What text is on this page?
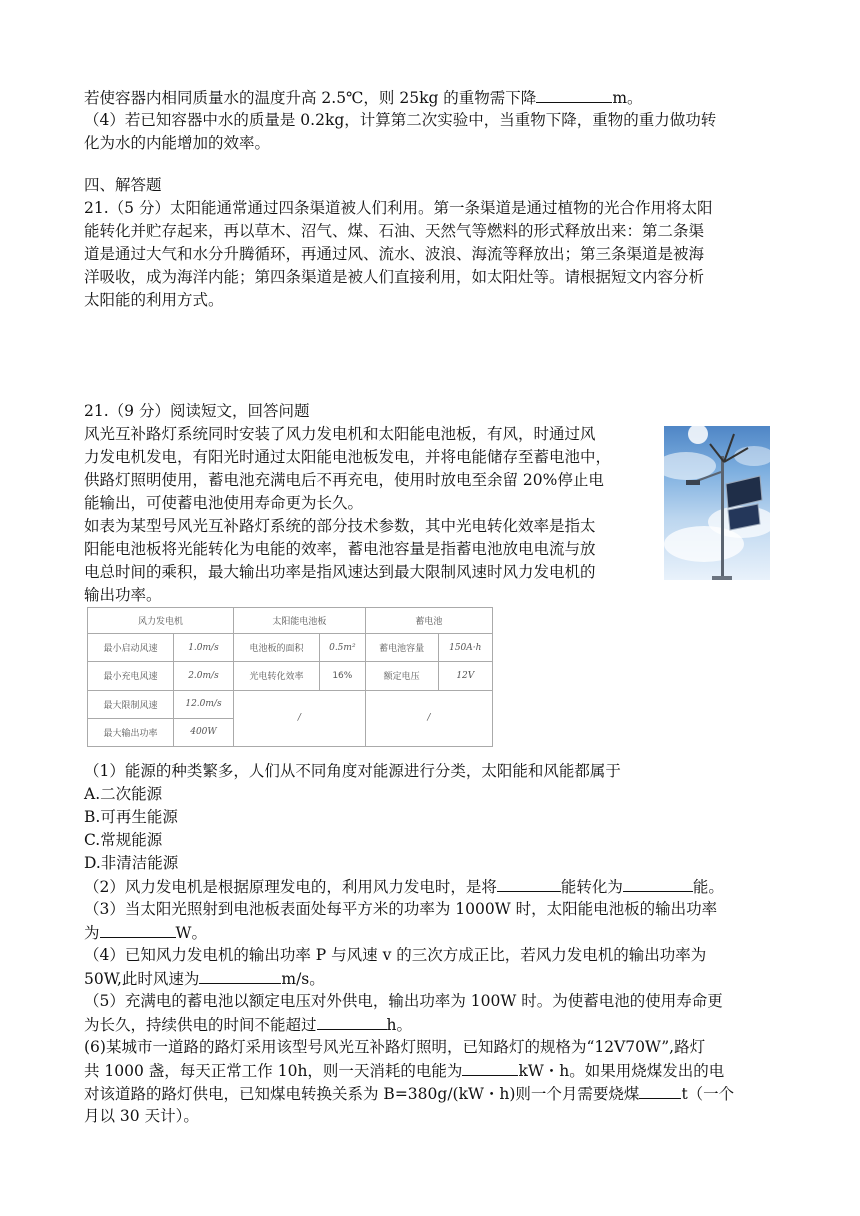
若使容器内相同质量水的温度升高 2.5℃，则 25kg 的重物需下降	m。
（4）若已知容器中水的质量是 0.2kg，计算第二次实验中，当重物下降，重物的重力做功转
化为水的内能增加的效率。
四、解答题
21.（5 分）太阳能通常通过四条渠道被人们利用。第一条渠道是通过植物的光合作用将太阳
能转化并贮存起来，再以草木、沼气、煤、石油、天然气等燃料的形式释放出来：第二条渠
道是通过大气和水分升腾循环，再通过风、流水、波浪、海流等释放出；第三条渠道是被海
洋吸收，成为海洋内能；第四条渠道是被人们直接利用，如太阳灶等。请根据短文内容分析
太阳能的利用方式。
21.（9 分）阅读短文，回答问题
风光互补路灯系统同时安装了风力发电机和太阳能电池板，有风，时通过风
力发电机发电，有阳光时通过太阳能电池板发电，并将电能储存至蓄电池中，
供路灯照明使用，蓄电池充满电后不再充电，使用时放电至余留 20%停止电
能输出，可使蓄电池使用寿命更为长久。
如表为某型号风光互补路灯系统的部分技术参数，其中光电转化效率是指太
阳能电池板将光能转化为电能的效率，蓄电池容量是指蓄电池放电电流与放
电总时间的乘积，最大输出功率是指风速达到最大限制风速时风力发电机的
输出功率。
风力发电机		太阳能电池板		蓄电池	
最小启动风速	1.0m/s	电池板的面积	0.5m²	蓄电池容量	150A·h
最小充电风速	2.0m/s	光电转化效率	16%	额定电压	12V
最大限制风速	12.0m/s	/		/	
最大输出功率	400W				
（1）能源的种类繁多，人们从不同角度对能源进行分类，太阳能和风能都属于
A.二次能源
B.可再生能源
C.常规能源
D.非清洁能源
（2）风力发电机是根据原理发电的，利用风力发电时，是将	能转化为	能。
（3）当太阳光照射到电池板表面处每平方米的功率为 1000W 时，太阳能电池板的输出功率
为	W。
（4）已知风力发电机的输出功率 P 与风速 v 的三次方成正比，若风力发电机的输出功率为
50W,此时风速为	m/s。
（5）充满电的蓄电池以额定电压对外供电，输出功率为 100W 时。为使蓄电池的使用寿命更
为长久，持续供电的时间不能超过	h。
(6)某城市一道路的路灯采用该型号风光互补路灯照明，已知路灯的规格为“12V70W”,路灯
共 1000 盏，每天正常工作 10h，则一天消耗的电能为	kW・h。如果用烧煤发出的电
对该道路的路灯供电，已知煤电转换关系为 B=380g/(kW・h)则一个月需要烧煤	t（一个
月以 30 天计）。
